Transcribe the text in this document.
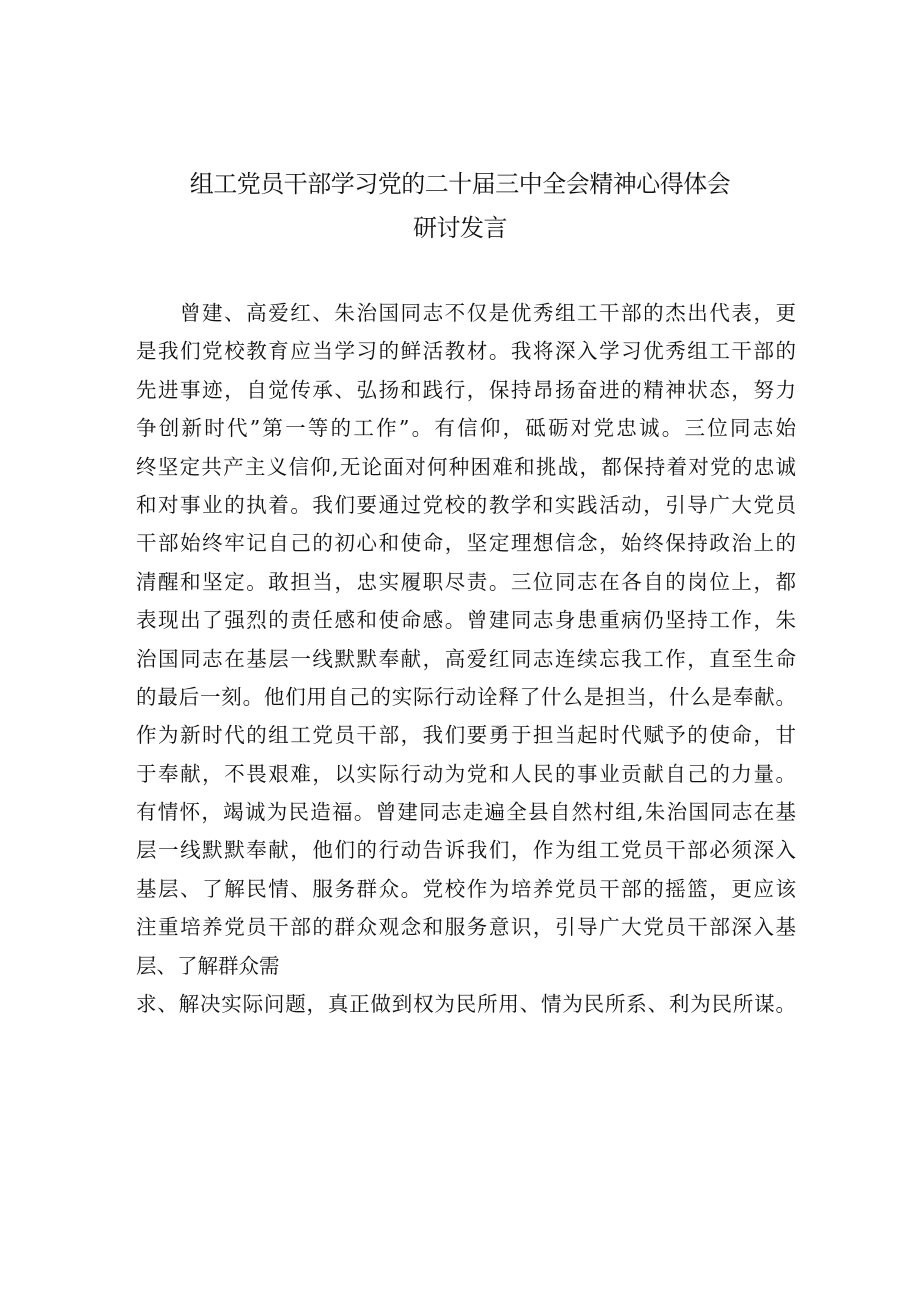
组工党员干部学习党的二十届三中全会精神心得体会
研讨发言
曾建、高爱红、朱治国同志不仅是优秀组工干部的杰出代表，更
是我们党校教育应当学习的鲜活教材。我将深入学习优秀组工干部的
先进事迹，自觉传承、弘扬和践行，保持昂扬奋进的精神状态，努力
争创新时代”第一等的工作”。有信仰，砥砺对党忠诚。三位同志始
终坚定共产主义信仰,无论面对何种困难和挑战，都保持着对党的忠诚
和对事业的执着。我们要通过党校的教学和实践活动，引导广大党员
干部始终牢记自己的初心和使命，坚定理想信念，始终保持政治上的
清醒和坚定。敢担当，忠实履职尽责。三位同志在各自的岗位上，都
表现出了强烈的责任感和使命感。曾建同志身患重病仍坚持工作，朱
治国同志在基层一线默默奉献，高爱红同志连续忘我工作，直至生命
的最后一刻。他们用自己的实际行动诠释了什么是担当，什么是奉献。
作为新时代的组工党员干部，我们要勇于担当起时代赋予的使命，甘
于奉献，不畏艰难，以实际行动为党和人民的事业贡献自己的力量。
有情怀，竭诚为民造福。曾建同志走遍全县自然村组,朱治国同志在基
层一线默默奉献，他们的行动告诉我们，作为组工党员干部必须深入
基层、了解民情、服务群众。党校作为培养党员干部的摇篮，更应该
注重培养党员干部的群众观念和服务意识，引导广大党员干部深入基
层、了解群众需
求、解决实际问题，真正做到权为民所用、情为民所系、利为民所谋。
